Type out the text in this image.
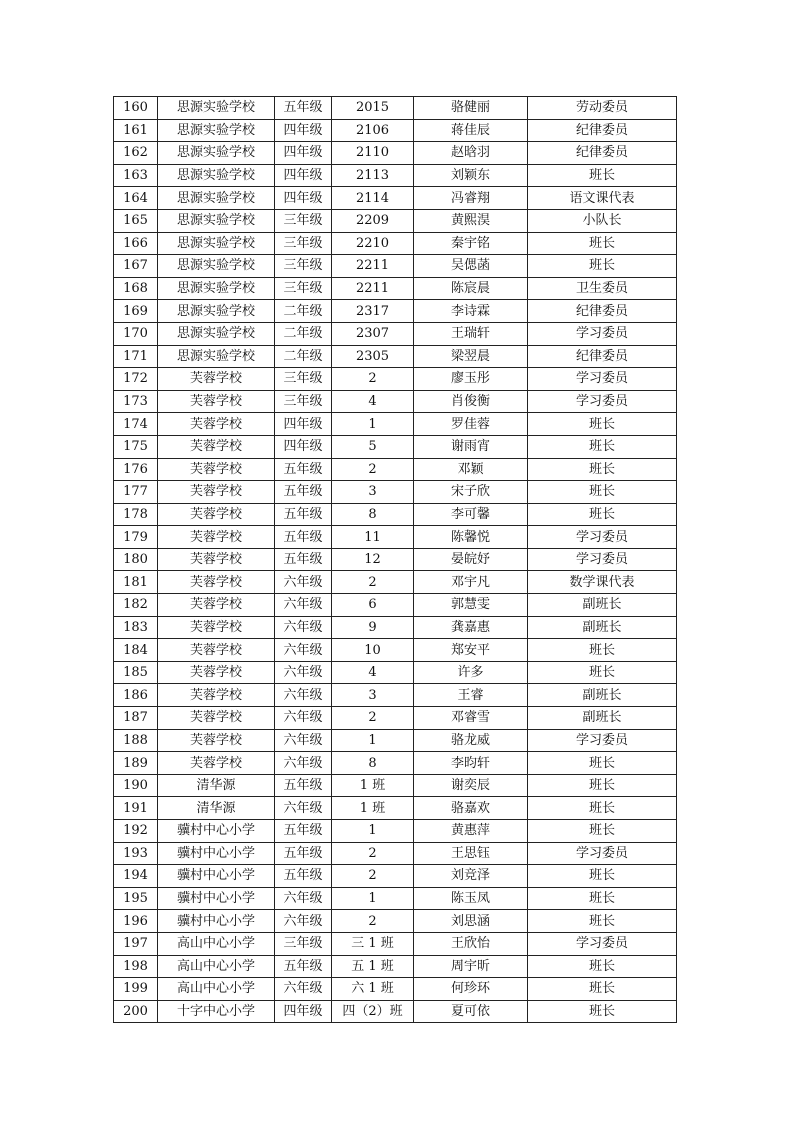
160	思源实验学校	五年级	2015	骆健丽	劳动委员
161	思源实验学校	四年级	2106	蒋佳辰	纪律委员
162	思源实验学校	四年级	2110	赵晗羽	纪律委员
163	思源实验学校	四年级	2113	刘颖东	班长
164	思源实验学校	四年级	2114	冯睿翔	语文课代表
165	思源实验学校	三年级	2209	黄熙淏	小队长
166	思源实验学校	三年级	2210	秦宇铭	班长
167	思源实验学校	三年级	2211	吴偲菡	班长
168	思源实验学校	三年级	2211	陈宸晨	卫生委员
169	思源实验学校	二年级	2317	李诗霖	纪律委员
170	思源实验学校	二年级	2307	王瑞轩	学习委员
171	思源实验学校	二年级	2305	梁翌晨	纪律委员
172	芙蓉学校	三年级	2	廖玉彤	学习委员
173	芙蓉学校	三年级	4	肖俊衡	学习委员
174	芙蓉学校	四年级	1	罗佳蓉	班长
175	芙蓉学校	四年级	5	谢雨宵	班长
176	芙蓉学校	五年级	2	邓颖	班长
177	芙蓉学校	五年级	3	宋子欣	班长
178	芙蓉学校	五年级	8	李可馨	班长
179	芙蓉学校	五年级	11	陈馨悦	学习委员
180	芙蓉学校	五年级	12	晏皖妤	学习委员
181	芙蓉学校	六年级	2	邓宇凡	数学课代表
182	芙蓉学校	六年级	6	郭慧雯	副班长
183	芙蓉学校	六年级	9	龚嘉惠	副班长
184	芙蓉学校	六年级	10	郑安平	班长
185	芙蓉学校	六年级	4	许多	班长
186	芙蓉学校	六年级	3	王睿	副班长
187	芙蓉学校	六年级	2	邓睿雪	副班长
188	芙蓉学校	六年级	1	骆龙威	学习委员
189	芙蓉学校	六年级	8	李昀轩	班长
190	清华源	五年级	1 班	谢奕辰	班长
191	清华源	六年级	1 班	骆嘉欢	班长
192	骥村中心小学	五年级	1	黄惠萍	班长
193	骥村中心小学	五年级	2	王思钰	学习委员
194	骥村中心小学	五年级	2	刘竞泽	班长
195	骥村中心小学	六年级	1	陈玉凤	班长
196	骥村中心小学	六年级	2	刘思涵	班长
197	高山中心小学	三年级	三 1 班	王欣怡	学习委员
198	高山中心小学	五年级	五 1 班	周宇昕	班长
199	高山中心小学	六年级	六 1 班	何珍环	班长
200	十字中心小学	四年级	四（2）班	夏可依	班长
